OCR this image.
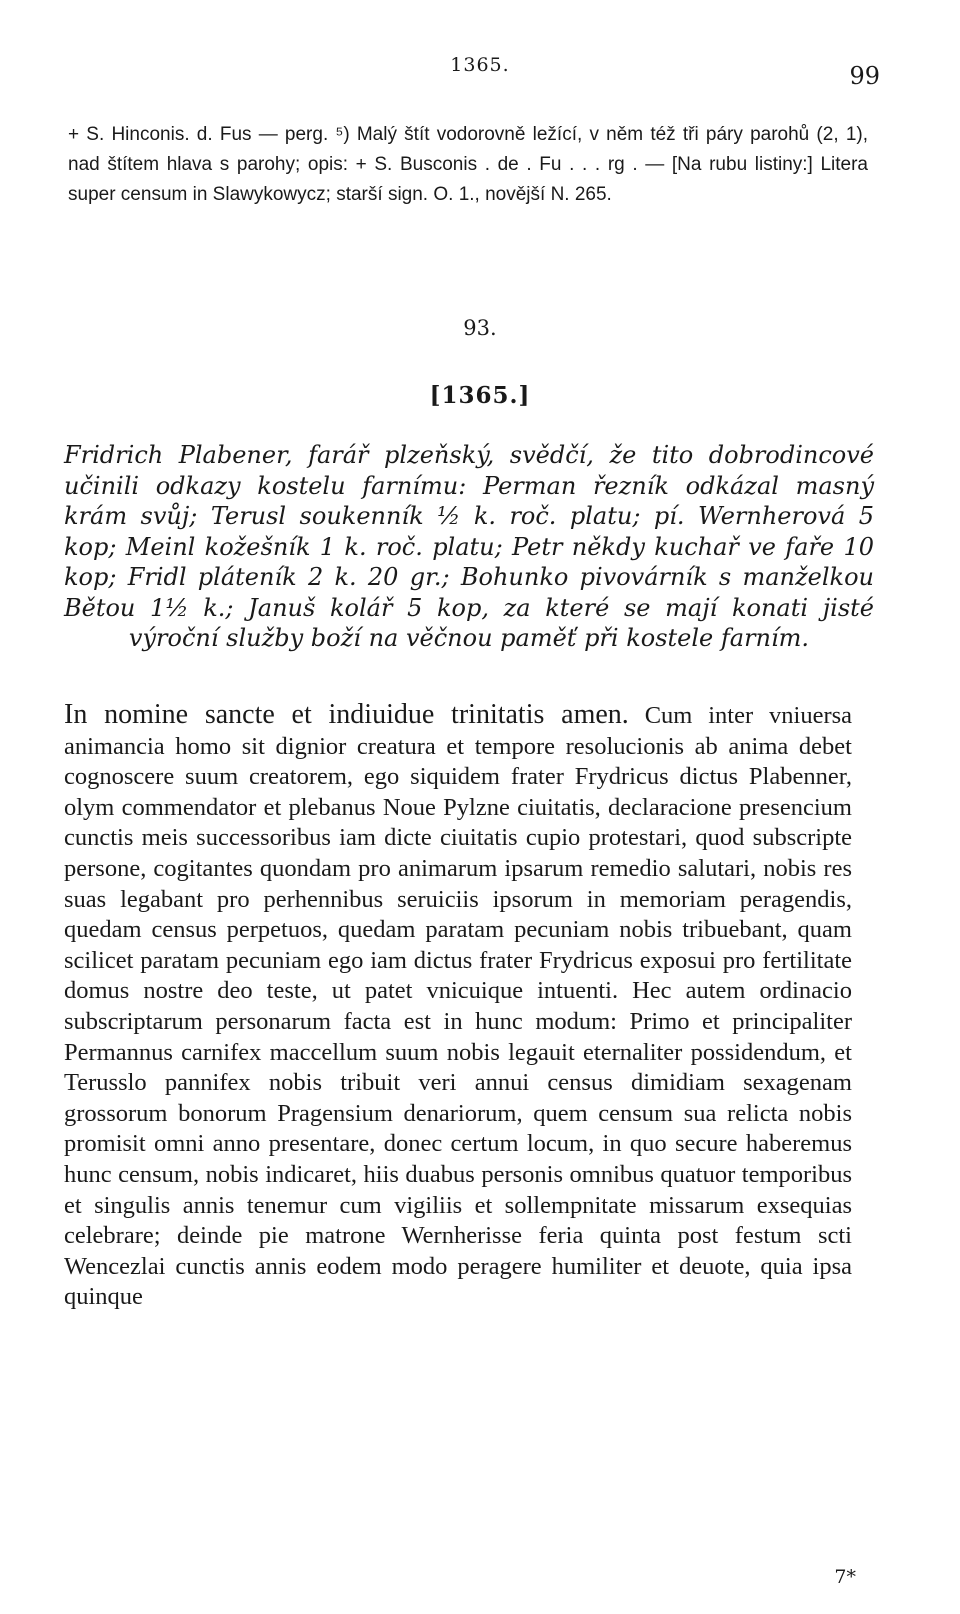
1365.	99
+ S. Hinconis. d. Fus — perg. ⁵) Malý štít vodorovně ležící, v něm též tři páry parohů (2, 1), nad štítem hlava s parohy; opis: + S. Busconis . de . Fu . . . rg . — [Na rubu listiny:] Litera super censum in Slawykowycz; starší sign. O. 1., novější N. 265.
93.
[1365.]
Fridrich Plabener, farář plzeňský, svědčí, že tito dobrodincové učinili odkazy kostelu farnímu: Perman řezník odkázal masný krám svůj; Terusl soukenník ½ k. roč. platu; pí. Wernherová 5 kop; Meinl kožešník 1 k. roč. platu; Petr někdy kuchař ve faře 10 kop; Fridl pláteník 2 k. 20 gr.; Bohunko pivovárník s manželkou Bětou 1½ k.; Januš kolář 5 kop, za které se mají konati jisté výroční služby boží na věčnou paměť při kostele farním.
In nomine sancte et indiuidue trinitatis amen. Cum inter vniuersa animancia homo sit dignior creatura et tempore resolucionis ab anima debet cognoscere suum creatorem, ego siquidem frater Frydricus dictus Plabenner, olym commendator et plebanus Noue Pylzne ciuitatis, declaracione presencium cunctis meis successoribus iam dicte ciuitatis cupio protestari, quod subscripte persone, cogitantes quondam pro animarum ipsarum remedio salutari, nobis res suas legabant pro perhennibus seruiciis ipsorum in memoriam peragendis, quedam census perpetuos, quedam paratam pecuniam nobis tribuebant, quam scilicet paratam pecuniam ego iam dictus frater Frydricus exposui pro fertilitate domus nostre deo teste, ut patet vnicuique intuenti. Hec autem ordinacio subscriptarum personarum facta est in hunc modum: Primo et principaliter Permannus carnifex maccellum suum nobis legauit eternaliter possidendum, et Terusslo pannifex nobis tribuit veri annui census dimidiam sexagenam grossorum bonorum Pragensium denariorum, quem censum sua relicta nobis promisit omni anno presentare, donec certum locum, in quo secure haberemus hunc censum, nobis indicaret, hiis duabus personis omnibus quatuor temporibus et singulis annis tenemur cum vigiliis et sollempnitate missarum exsequias celebrare; deinde pie matrone Wernherisse feria quinta post festum scti Wencezlai cunctis annis eodem modo peragere humiliter et deuote, quia ipsa quinque
7*
